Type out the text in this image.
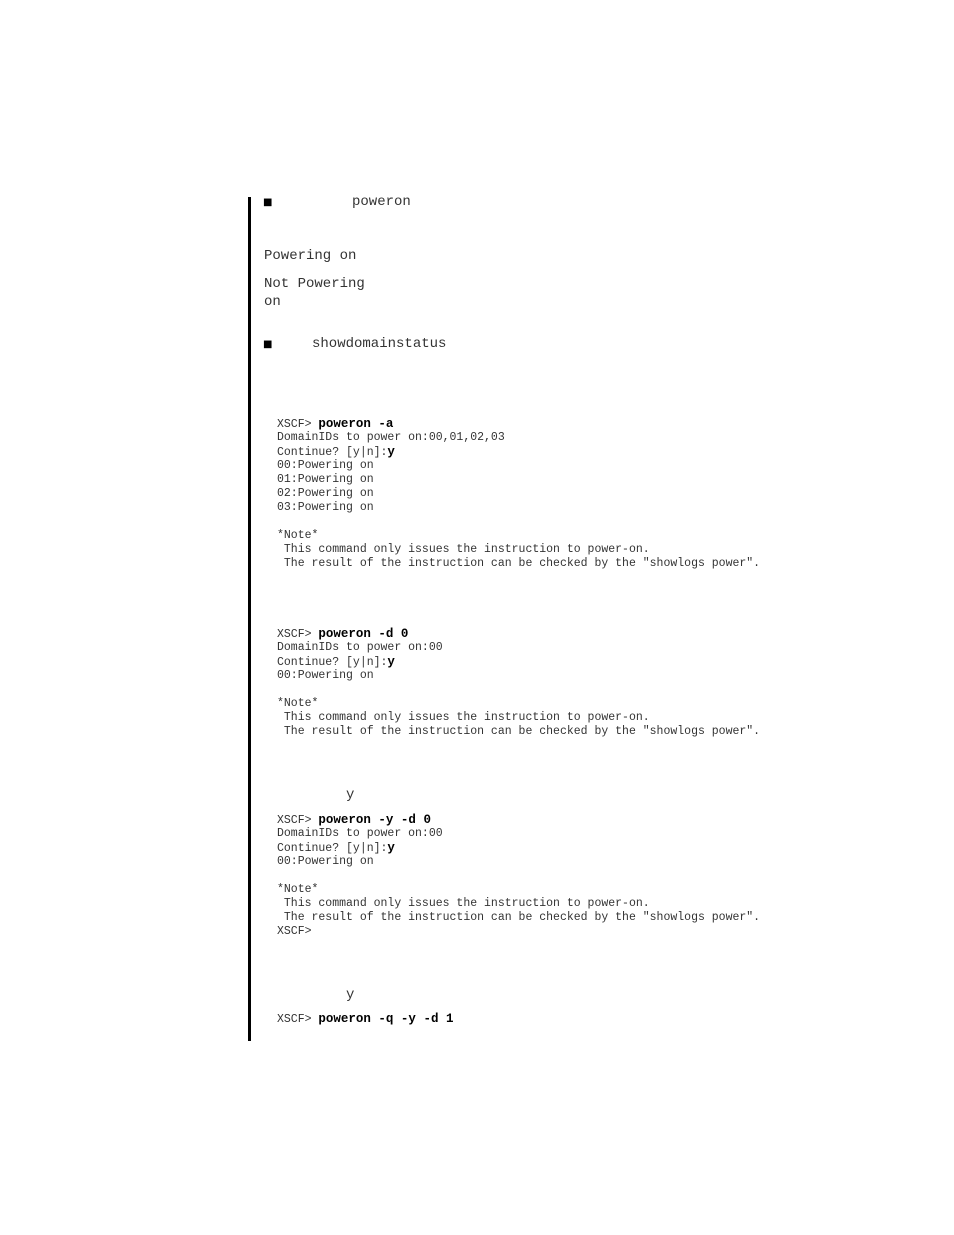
■	poweron
Powering on
Not Powering
on
■	showdomainstatus
XSCF> poweron -a
DomainIDs to power on:00,01,02,03
Continue? [y|n]:y
00:Powering on
01:Powering on
02:Powering on
03:Powering on

*Note*
This command only issues the instruction to power-on.
The result of the instruction can be checked by the "showlogs power".
XSCF> poweron -d 0
DomainIDs to power on:00
Continue? [y|n]:y
00:Powering on

*Note*
This command only issues the instruction to power-on.
The result of the instruction can be checked by the "showlogs power".
y
XSCF> poweron -y -d 0
DomainIDs to power on:00
Continue? [y|n]:y
00:Powering on

*Note*
This command only issues the instruction to power-on.
The result of the instruction can be checked by the "showlogs power".
XSCF>
y
XSCF> poweron -q -y -d 1
